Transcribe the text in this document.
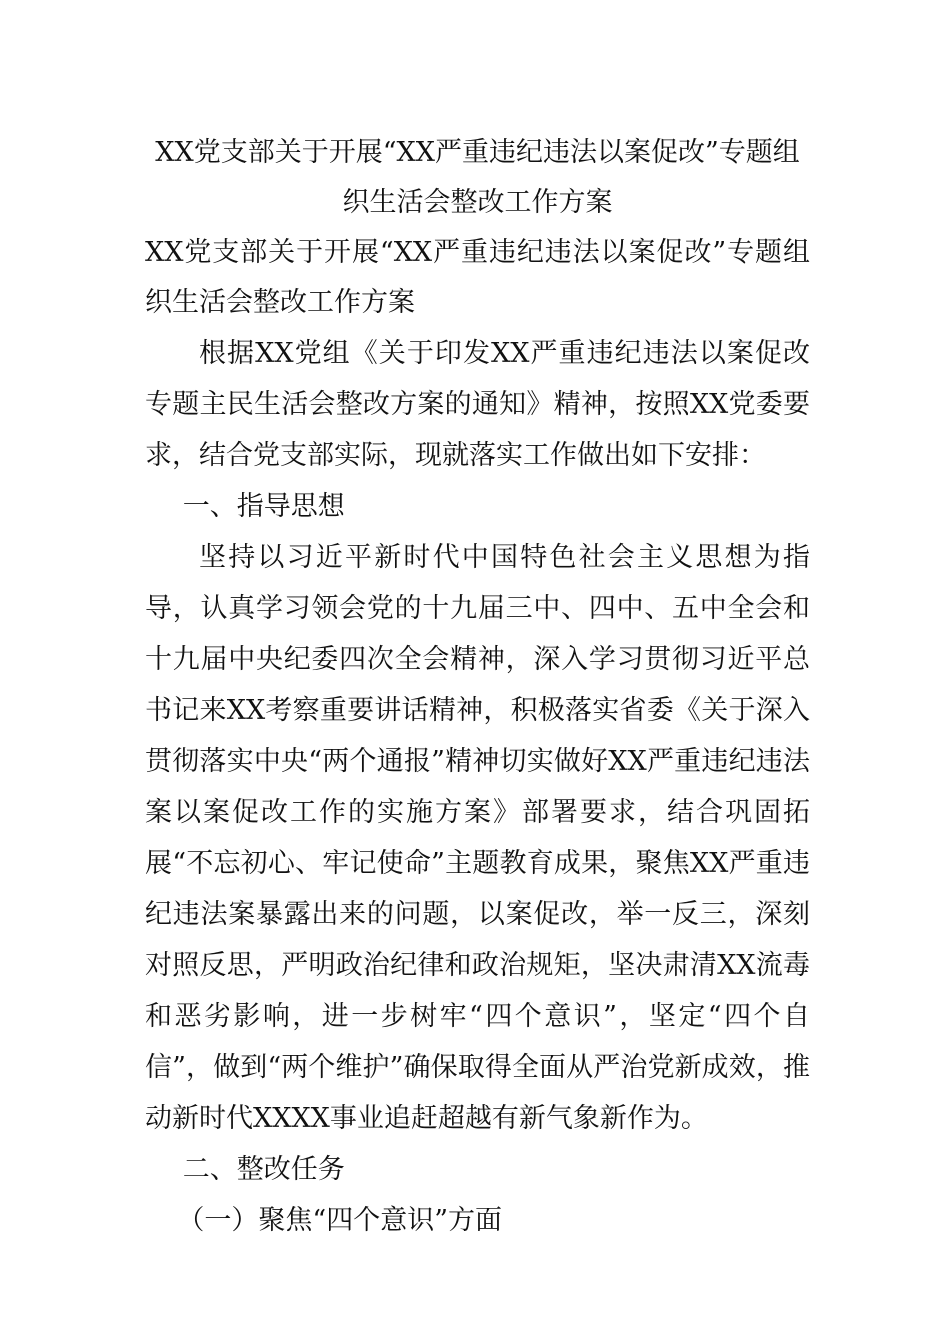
XX党支部关于开展“XX严重违纪违法以案促改”专题组

织生活会整改工作方案

XX党支部关于开展“XX严重违纪违法以案促改”专题组织生活会整改工作方案

根据XX党组《关于印发XX严重违纪违法以案促改专题主民生活会整改方案的通知》精神，按照XX党委要求，结合党支部实际，现就落实工作做出如下安排：

一、指导思想

坚持以习近平新时代中国特色社会主义思想为指导，认真学习领会党的十九届三中、四中、五中全会和十九届中央纪委四次全会精神，深入学习贯彻习近平总书记来XX考察重要讲话精神，积极落实省委《关于深入贯彻落实中央“两个通报”精神切实做好XX严重违纪违法案以案促改工作的实施方案》部署要求，结合巩固拓展“不忘初心、牢记使命”主题教育成果，聚焦XX严重违纪违法案暴露出来的问题，以案促改，举一反三，深刻对照反思，严明政治纪律和政治规矩，坚决肃清XX流毒和恶劣影响，进一步树牢“四个意识”，坚定“四个自信”，做到“两个维护”确保取得全面从严治党新成效，推动新时代XXXX事业追赶超越有新气象新作为。

二、整改任务

（一）聚焦“四个意识”方面
